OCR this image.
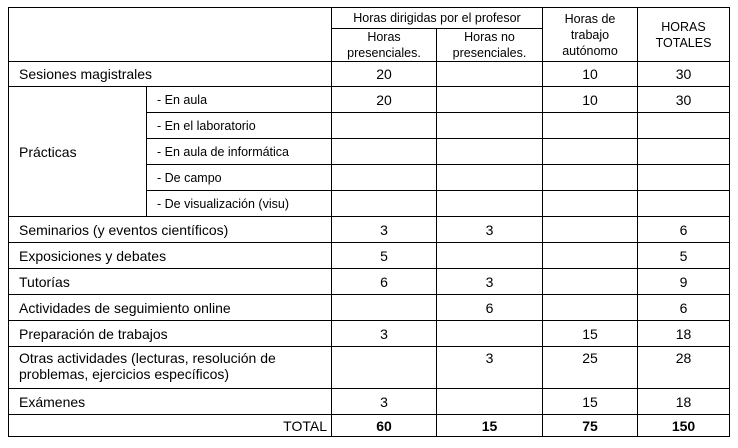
		Horas dirigidas por el profesor		Horas de trabajo autónomo	HORAS TOTALES
		Horas presenciales.	Horas no presenciales.		
Sesiones magistrales		20		10	30
Prácticas	- En aula	20		10	30
	- En el laboratorio				
	- En aula de informática				
	- De campo				
	- De visualización (visu)				
Seminarios (y eventos científicos)		3	3		6
Exposiciones y debates		5			5
Tutorías		6	3		9
Actividades de seguimiento online			6		6
Preparación de trabajos		3		15	18
Otras actividades (lecturas, resolución de problemas, ejercicios específicos)			3	25	28
Exámenes		3		15	18
TOTAL		60	15	75	150
